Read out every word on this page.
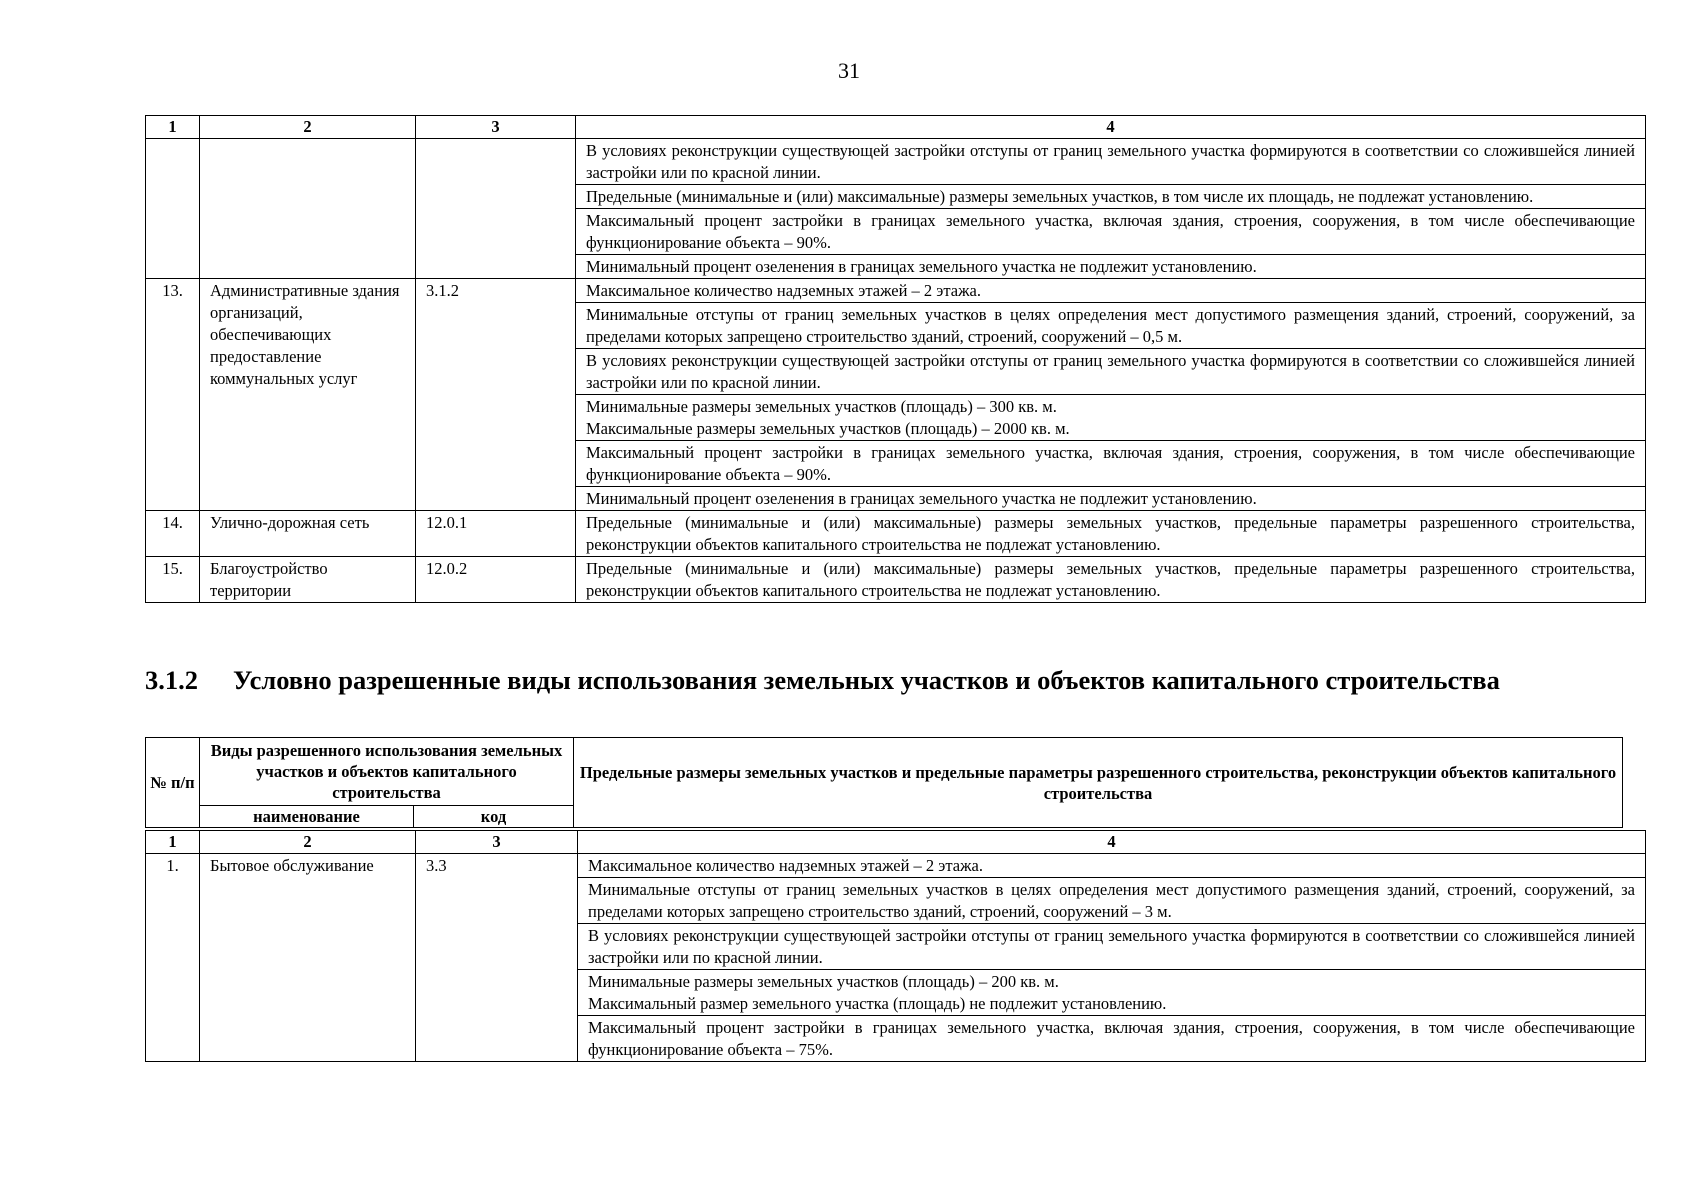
31
1	2	3	4
			В условиях реконструкции существующей застройки отступы от границ земельного участка формируются в соответствии со сложившейся линией застройки или по красной линии.
			Предельные (минимальные и (или) максимальные) размеры земельных участков, в том числе их площадь, не подлежат установлению.
			Максимальный процент застройки в границах земельного участка, включая здания, строения, сооружения, в том числе обеспечивающие функционирование объекта – 90%.
			Минимальный процент озеленения в границах земельного участка не подлежит установлению.
13.	Административные здания организаций, обеспечивающих предоставление коммунальных услуг	3.1.2	Максимальное количество надземных этажей – 2 этажа.
			Минимальные отступы от границ земельных участков в целях определения мест допустимого размещения зданий, строений, сооружений, за пределами которых запрещено строительство зданий, строений, сооружений – 0,5 м.
			В условиях реконструкции существующей застройки отступы от границ земельного участка формируются в соответствии со сложившейся линией застройки или по красной линии.

			Минимальные размеры земельных участков (площадь) – 300 кв. м.
Максимальные размеры земельных участков (площадь) – 2000 кв. м.

			Максимальный процент застройки в границах земельного участка, включая здания, строения, сооружения, в том числе обеспечивающие функционирование объекта – 90%.
			Минимальный процент озеленения в границах земельного участка не подлежит установлению.
14.	Улично-дорожная сеть	12.0.1	Предельные (минимальные и (или) максимальные) размеры земельных участков, предельные параметры разрешенного строительства, реконструкции объектов капитального строительства не подлежат установлению.
15.	Благоустройство территории	12.0.2	Предельные (минимальные и (или) максимальные) размеры земельных участков, предельные параметры разрешенного строительства, реконструкции объектов капитального строительства не подлежат установлению.
3.1.2 Условно разрешенные виды использования земельных участков и объектов капитального строительства
№ п/п	Виды разрешенного использования земельных участков и объектов капитального строительства		Предельные размеры земельных участков и предельные параметры разрешенного строительства, реконструкции объектов капитального строительства
	наименование	код	
1	2	3	4
1.	Бытовое обслуживание	3.3	Максимальное количество надземных этажей – 2 этажа.
			Минимальные отступы от границ земельных участков в целях определения мест допустимого размещения зданий, строений, сооружений, за пределами которых запрещено строительство зданий, строений, сооружений – 3 м.
			В условиях реконструкции существующей застройки отступы от границ земельного участка формируются в соответствии со сложившейся линией застройки или по красной линии.

			Минимальные размеры земельных участков (площадь) – 200 кв. м.
Максимальный размер земельного участка (площадь) не подлежит установлению.

			Максимальный процент застройки в границах земельного участка, включая здания, строения, сооружения, в том числе обеспечивающие функционирование объекта – 75%.
